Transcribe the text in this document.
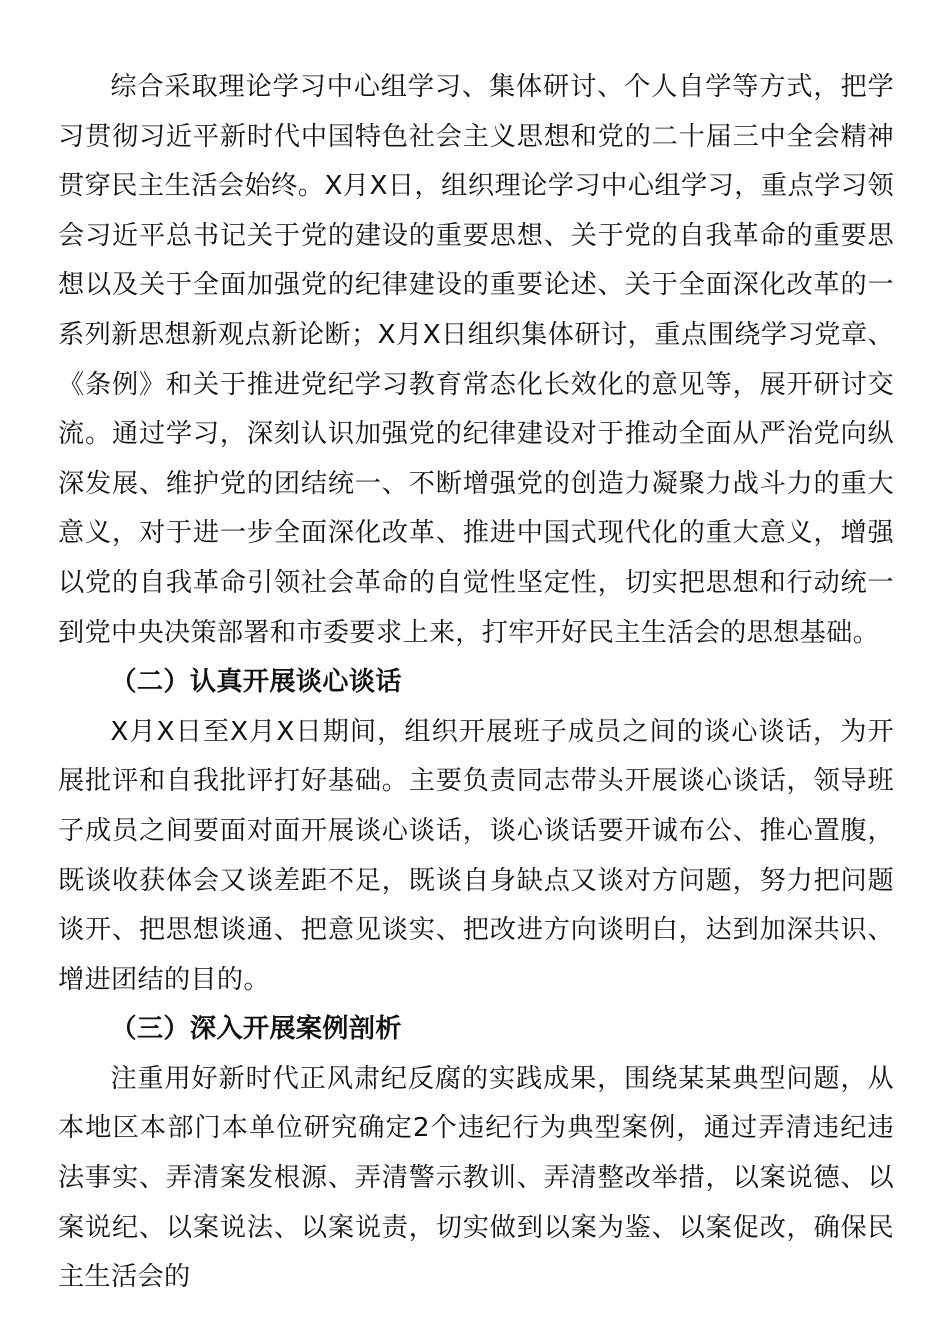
综合采取理论学习中心组学习、集体研讨、个人自学等方式，把学习贯彻习近平新时代中国特色社会主义思想和党的二十届三中全会精神贯穿民主生活会始终。X月X日，组织理论学习中心组学习，重点学习领会习近平总书记关于党的建设的重要思想、关于党的自我革命的重要思想以及关于全面加强党的纪律建设的重要论述、关于全面深化改革的一系列新思想新观点新论断；X月X日组织集体研讨，重点围绕学习党章、《条例》和关于推进党纪学习教育常态化长效化的意见等，展开研讨交流。通过学习，深刻认识加强党的纪律建设对于推动全面从严治党向纵深发展、维护党的团结统一、不断增强党的创造力凝聚力战斗力的重大意义，对于进一步全面深化改革、推进中国式现代化的重大意义，增强以党的自我革命引领社会革命的自觉性坚定性，切实把思想和行动统一到党中央决策部署和市委要求上来，打牢开好民主生活会的思想基础。

（二）认真开展谈心谈话

X月X日至X月X日期间，组织开展班子成员之间的谈心谈话，为开展批评和自我批评打好基础。主要负责同志带头开展谈心谈话，领导班子成员之间要面对面开展谈心谈话，谈心谈话要开诚布公、推心置腹，既谈收获体会又谈差距不足，既谈自身缺点又谈对方问题，努力把问题谈开、把思想谈通、把意见谈实、把改进方向谈明白，达到加深共识、增进团结的目的。

（三）深入开展案例剖析

注重用好新时代正风肃纪反腐的实践成果，围绕某某典型问题，从本地区本部门本单位研究确定2个违纪行为典型案例，通过弄清违纪违法事实、弄清案发根源、弄清警示教训、弄清整改举措，以案说德、以案说纪、以案说法、以案说责，切实做到以案为鉴、以案促改，确保民主生活会的
